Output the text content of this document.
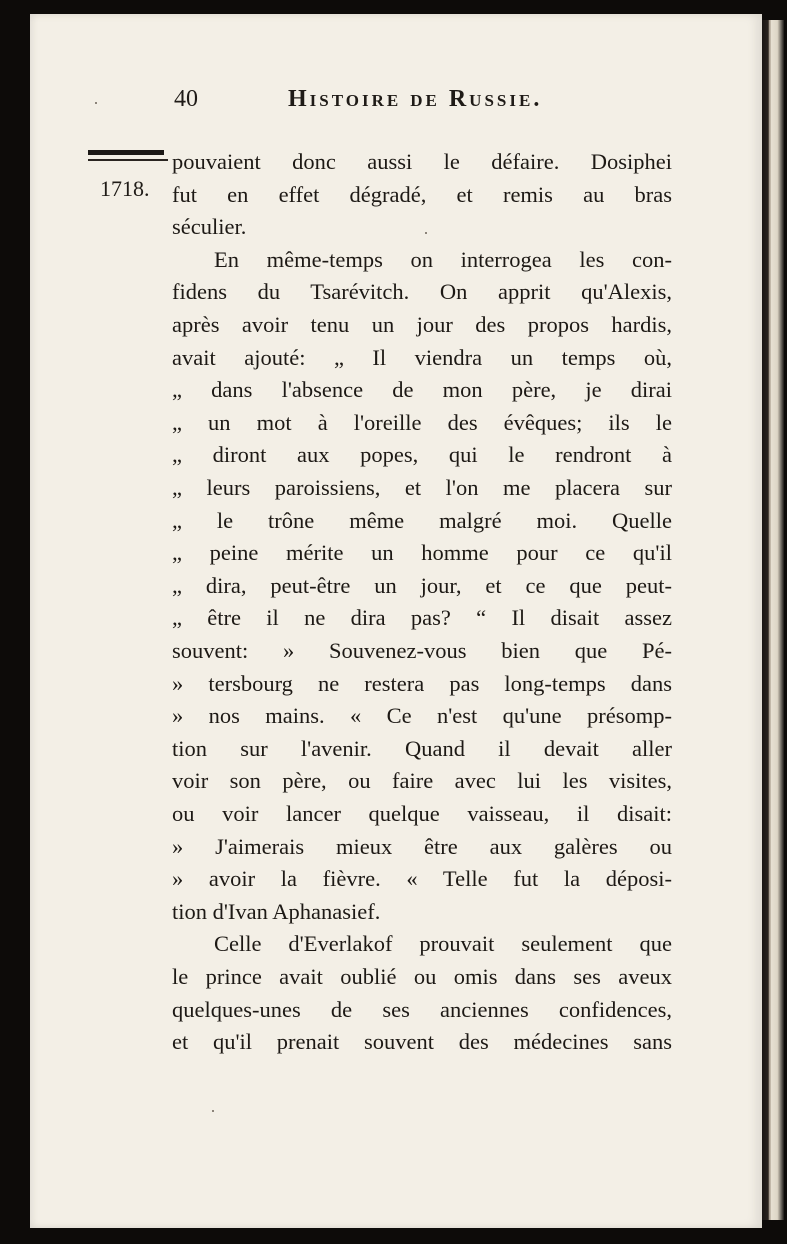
40	Histoire de Russie.
1718.
pouvaient donc aussi le défaire. Dosiphei
fut en effet dégradé, et remis au bras
séculier.
En même-temps on interrogea les con-
fidens du Tsarévitch. On apprit qu'Alexis,
après avoir tenu un jour des propos hardis,
avait ajouté: „ Il viendra un temps où,
„ dans l'absence de mon père, je dirai
„ un mot à l'oreille des évêques; ils le
„ diront aux popes, qui le rendront à
„ leurs paroissiens, et l'on me placera sur
„ le trône même malgré moi. Quelle
„ peine mérite un homme pour ce qu'il
„ dira, peut-être un jour, et ce que peut-
„ être il ne dira pas? “ Il disait assez
souvent: » Souvenez-vous bien que Pé-
» tersbourg ne restera pas long-temps dans
» nos mains. « Ce n'est qu'une présomp-
tion sur l'avenir. Quand il devait aller
voir son père, ou faire avec lui les visites,
ou voir lancer quelque vaisseau, il disait:
» J'aimerais mieux être aux galères ou
» avoir la fièvre. « Telle fut la déposi-
tion d'Ivan Aphanasief.
Celle d'Everlakof prouvait seulement que
le prince avait oublié ou omis dans ses aveux
quelques-unes de ses anciennes confidences,
et qu'il prenait souvent des médecines sans
